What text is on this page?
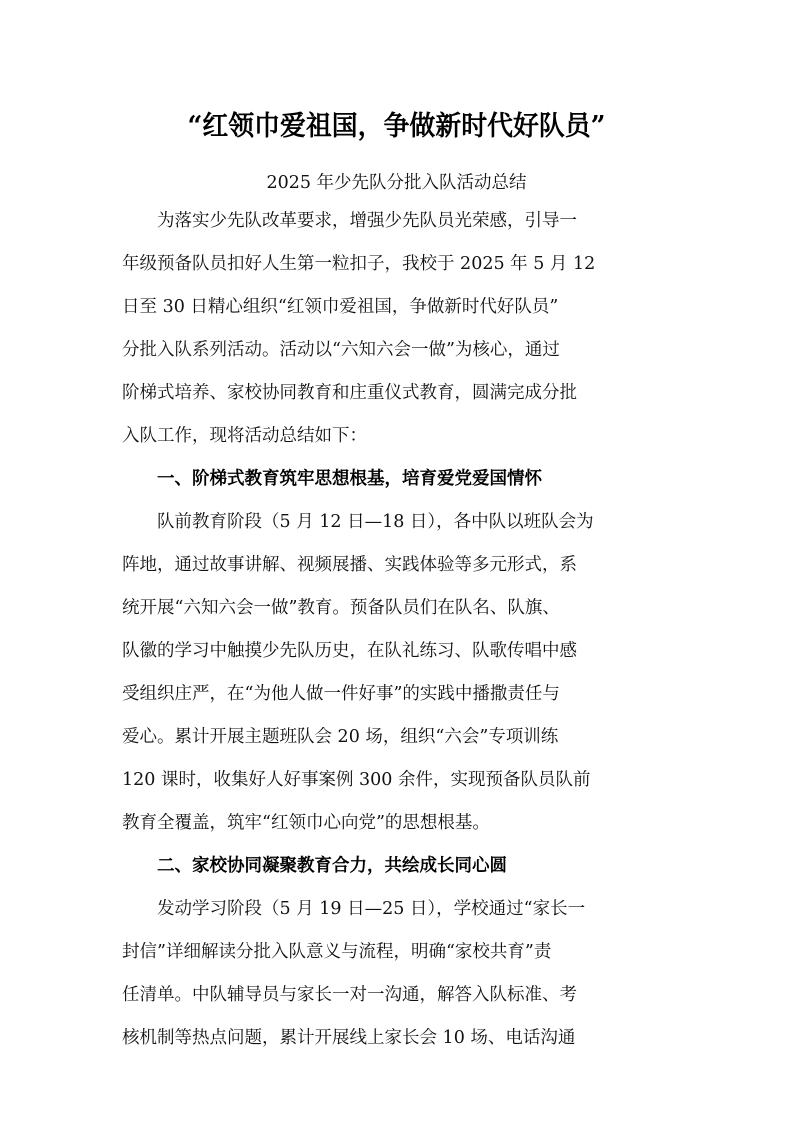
“红领巾爱祖国，争做新时代好队员”
2025 年少先队分批入队活动总结
为落实少先队改革要求，增强少先队员光荣感，引导一
年级预备队员扣好人生第一粒扣子，我校于 2025 年 5 月 12
日至 30 日精心组织“红领巾爱祖国，争做新时代好队员”
分批入队系列活动。活动以“六知六会一做”为核心，通过
阶梯式培养、家校协同教育和庄重仪式教育，圆满完成分批
入队工作，现将活动总结如下：
一、阶梯式教育筑牢思想根基，培育爱党爱国情怀
队前教育阶段（5 月 12 日—18 日），各中队以班队会为
阵地，通过故事讲解、视频展播、实践体验等多元形式，系
统开展“六知六会一做”教育。预备队员们在队名、队旗、
队徽的学习中触摸少先队历史，在队礼练习、队歌传唱中感
受组织庄严，在“为他人做一件好事”的实践中播撒责任与
爱心。累计开展主题班队会 20 场，组织“六会”专项训练
120 课时，收集好人好事案例 300 余件，实现预备队员队前
教育全覆盖，筑牢“红领巾心向党”的思想根基。
二、家校协同凝聚教育合力，共绘成长同心圆
发动学习阶段（5 月 19 日—25 日），学校通过“家长一
封信”详细解读分批入队意义与流程，明确“家校共育”责
任清单。中队辅导员与家长一对一沟通，解答入队标准、考
核机制等热点问题，累计开展线上家长会 10 场、电话沟通
